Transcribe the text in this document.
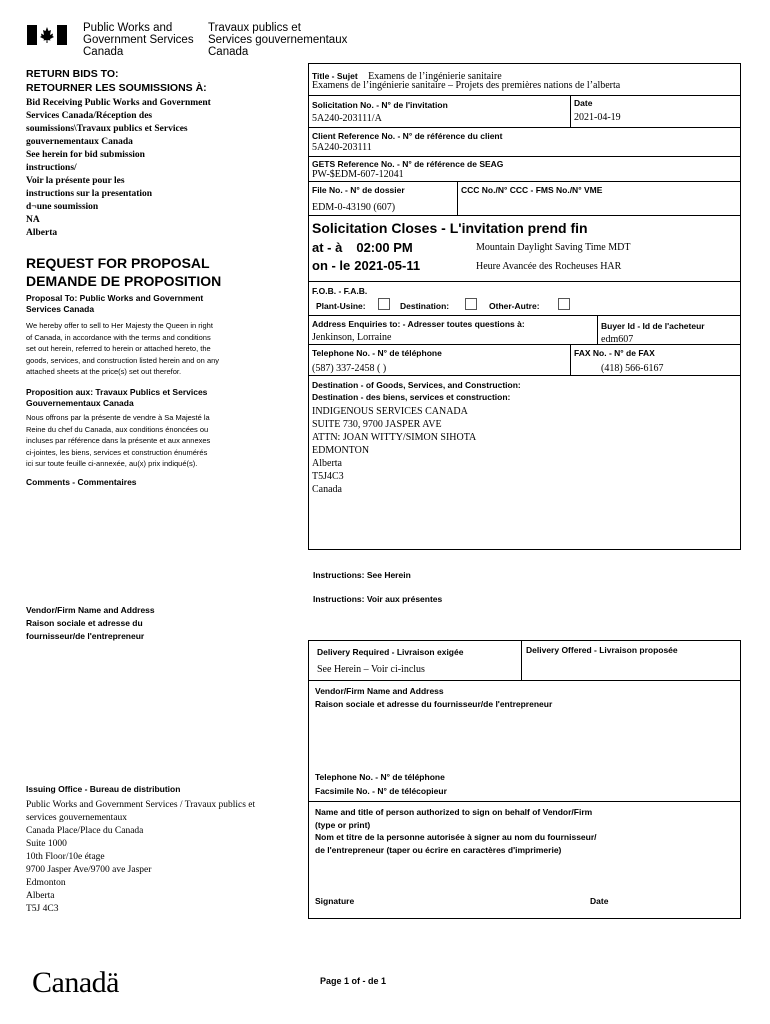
Public Works and
Government Services
Canada
Travaux publics et
Services gouvernementaux
Canada
RETURN BIDS TO:
RETOURNER LES SOUMISSIONS À:
Bid Receiving Public Works and Government
Services Canada/Réception des
soumissions\Travaux publics et Services
gouvernementaux Canada
See herein for bid submission
instructions/
Voir la présente pour les
instructions sur la presentation
d¬une soumission
NA
Alberta
REQUEST FOR PROPOSAL
DEMANDE DE PROPOSITION
Proposal To: Public Works and Government
Services Canada
We hereby offer to sell to Her Majesty the Queen in right
of Canada, in accordance with the terms and conditions
set out herein, referred to herein or attached hereto, the
goods, services, and construction listed herein and on any
attached sheets at the price(s) set out therefor.
Proposition aux: Travaux Publics et Services
Gouvernementaux Canada
Nous offrons par la présente de vendre à Sa Majesté la
Reine du chef du Canada, aux conditions énoncées ou
incluses par référence dans la présente et aux annexes
ci-jointes, les biens, services et construction énumérés
ici sur toute feuille ci-annexée, au(x) prix indiqué(s).
Comments - Commentaires
Vendor/Firm Name and Address
Raison sociale et adresse du
fournisseur/de l'entrepreneur
Issuing Office - Bureau de distribution
Public Works and Government Services / Travaux publics et
services gouvernementaux
Canada Place/Place du Canada
Suite 1000
10th Floor/10e étage
9700 Jasper Ave/9700 ave Jasper
Edmonton
Alberta
T5J 4C3
Title - Sujet Examens de l’ingénierie sanitaire
Examens de l’ingénierie sanitaire – Projets des premières nations de l’alberta
Solicitation No. - N° de l'invitation
5A240-203111/A
Date
2021-04-19
Client Reference No. - N° de référence du client
5A240-203111
GETS Reference No. - N° de référence de SEAG
PW-$EDM-607-12041
File No. - N° de dossier
EDM-0-43190 (607)
CCC No./N° CCC - FMS No./N° VME
Solicitation Closes - L'invitation prend fin
at - à 02:00 PM	Mountain Daylight Saving Time MDT
on - le 2021-05-11	Heure Avancée des Rocheuses HAR
F.O.B. - F.A.B.
Plant-Usine:	Destination:	Other-Autre:
Address Enquiries to: - Adresser toutes questions à:
Jenkinson, Lorraine
Buyer Id - Id de l'acheteur
edm607
Telephone No. - N° de téléphone
(587) 337-2458 ( )
FAX No. - N° de FAX
(418) 566-6167
Destination - of Goods, Services, and Construction:
Destination - des biens, services et construction:
INDIGENOUS SERVICES CANADA
SUITE 730, 9700 JASPER AVE
ATTN: JOAN WITTY/SIMON SIHOTA
EDMONTON
Alberta
T5J4C3
Canada
Instructions: See Herein
Instructions: Voir aux présentes
Delivery Required - Livraison exigée
See Herein – Voir ci-inclus
Delivery Offered - Livraison proposée
Vendor/Firm Name and Address
Raison sociale et adresse du fournisseur/de l'entrepreneur
Telephone No. - N° de téléphone
Facsimile No. - N° de télécopieur
Name and title of person authorized to sign on behalf of Vendor/Firm
(type or print)
Nom et titre de la personne autorisée à signer au nom du fournisseur/
de l'entrepreneur (taper ou écrire en caractères d'imprimerie)
Signature	Date
Page 1 of - de 1
Canadä
